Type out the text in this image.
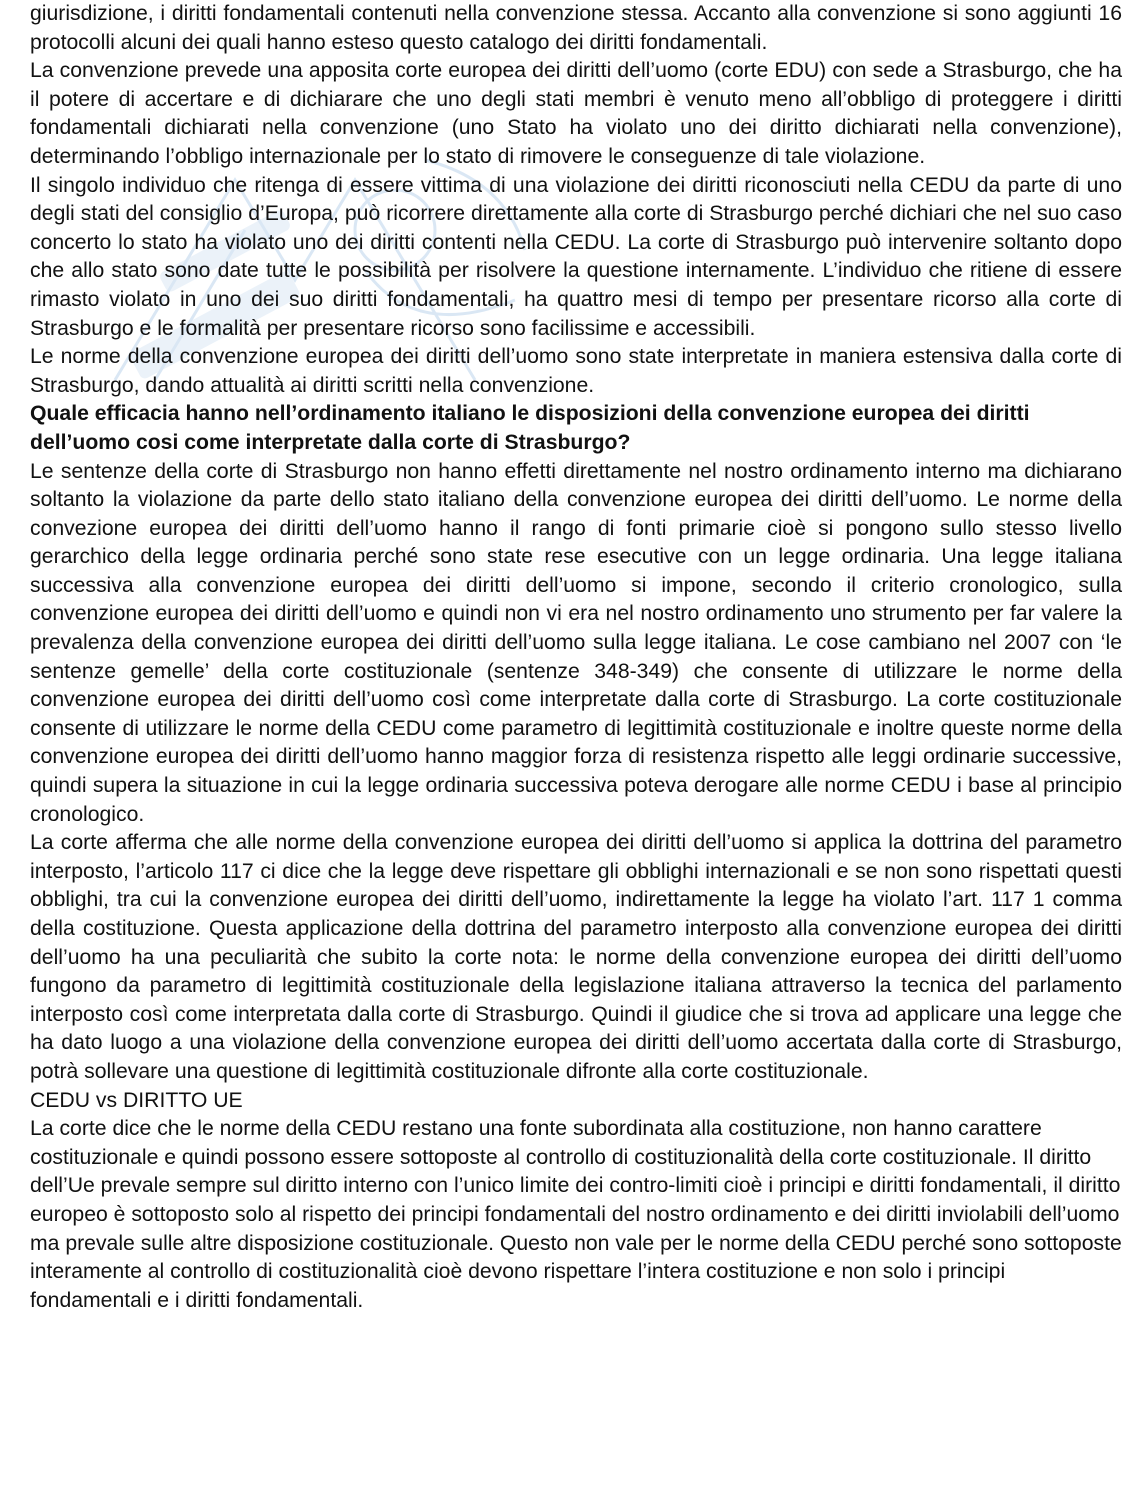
giurisdizione, i diritti fondamentali contenuti nella convenzione stessa. Accanto alla convenzione si sono aggiunti 16 protocolli alcuni dei quali hanno esteso questo catalogo dei diritti fondamentali.

La convenzione prevede una apposita corte europea dei diritti dell’uomo (corte EDU) con sede a Strasburgo, che ha il potere di accertare e di dichiarare che uno degli stati membri è venuto meno all’obbligo di proteggere i diritti fondamentali dichiarati nella convenzione (uno Stato ha violato uno dei diritto dichiarati nella convenzione), determinando l’obbligo internazionale per lo stato di rimovere le conseguenze di tale violazione.

Il singolo individuo che ritenga di essere vittima di una violazione dei diritti riconosciuti nella CEDU da parte di uno degli stati del consiglio d’Europa, può ricorrere direttamente alla corte di Strasburgo perché dichiari che nel suo caso concerto lo stato ha violato uno dei diritti contenti nella CEDU. La corte di Strasburgo può intervenire soltanto dopo che allo stato sono date tutte le possibilità per risolvere la questione internamente. L’individuo che ritiene di essere rimasto violato in uno dei suo diritti fondamentali, ha quattro mesi di tempo per presentare ricorso alla corte di Strasburgo e le formalità per presentare ricorso sono facilissime e accessibili.

Le norme della convenzione europea dei diritti dell’uomo sono state interpretate in maniera estensiva dalla corte di Strasburgo, dando attualità ai diritti scritti nella convenzione.

Quale efficacia hanno nell’ordinamento italiano le disposizioni della convenzione europea dei diritti dell’uomo cosi come interpretate dalla corte di Strasburgo?

Le sentenze della corte di Strasburgo non hanno effetti direttamente nel nostro ordinamento interno ma dichiarano soltanto la violazione da parte dello stato italiano della convenzione europea dei diritti dell’uomo. Le norme della convezione europea dei diritti dell’uomo hanno il rango di fonti primarie cioè si pongono sullo stesso livello gerarchico della legge ordinaria perché sono state rese esecutive con un legge ordinaria. Una legge italiana successiva alla convenzione europea dei diritti dell’uomo si impone, secondo il criterio cronologico, sulla convenzione europea dei diritti dell’uomo e quindi non vi era nel nostro ordinamento uno strumento per far valere la prevalenza della convenzione europea dei diritti dell’uomo sulla legge italiana. Le cose cambiano nel 2007 con ‘le sentenze gemelle’ della corte costituzionale (sentenze 348-349) che consente di utilizzare le norme della convenzione europea dei diritti dell’uomo così come interpretate dalla corte di Strasburgo. La corte costituzionale consente di utilizzare le norme della CEDU come parametro di legittimità costituzionale e inoltre queste norme della convenzione europea dei diritti dell’uomo hanno maggior forza di resistenza rispetto alle leggi ordinarie successive, quindi supera la situazione in cui la legge ordinaria successiva poteva derogare alle norme CEDU i base al principio cronologico.

La corte afferma che alle norme della convenzione europea dei diritti dell’uomo si applica la dottrina del parametro interposto, l’articolo 117 ci dice che la legge deve rispettare gli obblighi internazionali e se non sono rispettati questi obblighi, tra cui la convenzione europea dei diritti dell’uomo, indirettamente la legge ha violato l’art. 117 1 comma della costituzione. Questa applicazione della dottrina del parametro interposto alla convenzione europea dei diritti dell’uomo ha una peculiarità che subito la corte nota: le norme della convenzione europea dei diritti dell’uomo fungono da parametro di legittimità costituzionale della legislazione italiana attraverso la tecnica del parlamento interposto così come interpretata dalla corte di Strasburgo. Quindi il giudice che si trova ad applicare una legge che ha dato luogo a una violazione della convenzione europea dei diritti dell’uomo accertata dalla corte di Strasburgo, potrà sollevare una questione di legittimità costituzionale difronte alla corte costituzionale.

CEDU vs DIRITTO UE

La corte dice che le norme della CEDU restano una fonte subordinata alla costituzione, non hanno carattere costituzionale e quindi possono essere sottoposte al controllo di costituzionalità della corte costituzionale. Il diritto dell’Ue prevale sempre sul diritto interno con l’unico limite dei contro-limiti cioè i principi e diritti fondamentali, il diritto europeo è sottoposto solo al rispetto dei principi fondamentali del nostro ordinamento e dei diritti inviolabili dell’uomo ma prevale sulle altre disposizione costituzionale. Questo non vale per le norme della CEDU perché sono sottoposte interamente al controllo di costituzionalità cioè devono rispettare l’intera costituzione e non solo i principi fondamentali e i diritti fondamentali.
